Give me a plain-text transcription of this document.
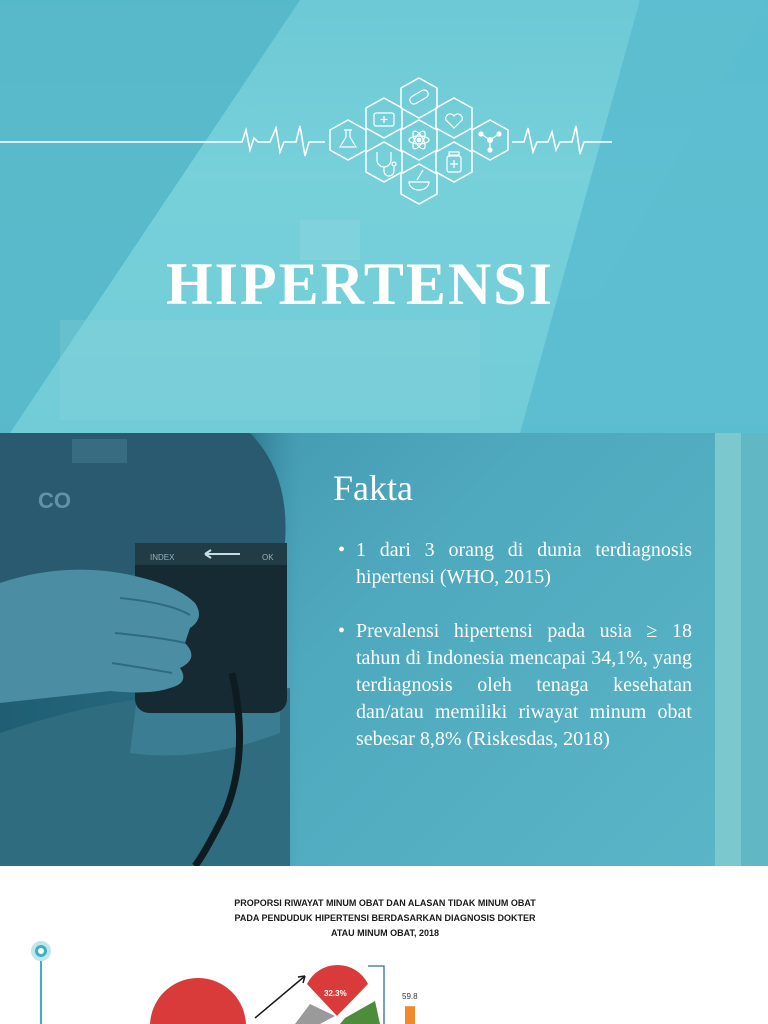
HIPERTENSI
CO
INDEX	OK
Fakta
• 1 dari 3 orang di dunia terdiagnosis hipertensi (WHO, 2015)
• Prevalensi hipertensi pada usia ≥ 18 tahun di Indonesia mencapai 34,1%, yang terdiagnosis oleh tenaga kesehatan dan/atau memiliki riwayat minum obat sebesar 8,8% (Riskesdas, 2018)
PROPORSI RIWAYAT MINUM OBAT DAN ALASAN TIDAK MINUM OBAT
PADA PENDUDUK HIPERTENSI BERDASARKAN DIAGNOSIS DOKTER
ATAU MINUM OBAT, 2018
32.3%	59.8
